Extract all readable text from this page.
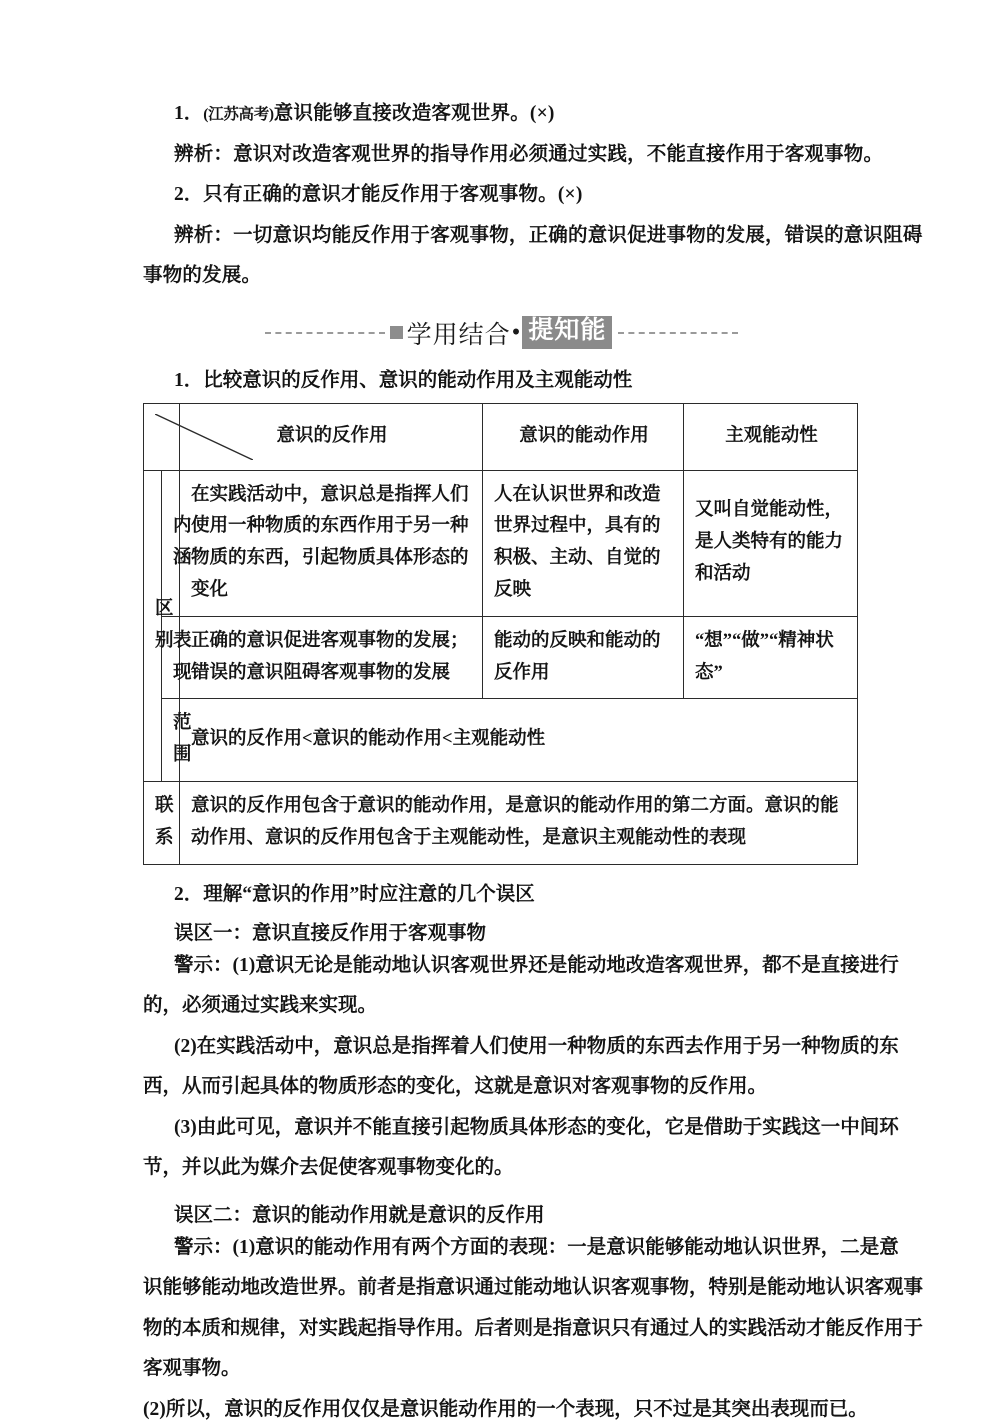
1．(江苏高考)意识能够直接改造客观世界。(×)
辨析：意识对改造客观世界的指导作用必须通过实践，不能直接作用于客观事物。
2．只有正确的意识才能反作用于客观事物。(×)
辨析：一切意识均能反作用于客观事物，正确的意识促进事物的发展，错误的意识阻碍
事物的发展。
学用结合 • 提知能
1．比较意识的反作用、意识的能动作用及主观能动性
	意识的反作用	意识的能动作用	主观能动性

区
别	内涵	在实践活动中，意识总是指挥人们使用一种物质的东西作用于另一种物质的东西，引起物质具体形态的变化	人在认识世界和改造世界过程中，具有的积极、主动、自觉的反映	又叫自觉能动性，是人类特有的能力和活动
	表现	正确的意识促进客观事物的发展；错误的意识阻碍客观事物的发展	能动的反映和能动的反作用	“想”“做”“精神状态”
	范围	意识的反作用<意识的能动作用<主观能动性		
联系		意识的反作用包含于意识的能动作用，是意识的能动作用的第二方面。意识的能动作用、意识的反作用包含于主观能动性，是意识主观能动性的表现		
2．理解“意识的作用”时应注意的几个误区
误区一：意识直接反作用于客观事物

警示：(1)意识无论是能动地认识客观世界还是能动地改造客观世界，都不是直接进行

的，必须通过实践来实现。

(2)在实践活动中，意识总是指挥着人们使用一种物质的东西去作用于另一种物质的东

西，从而引起具体的物质形态的变化，这就是意识对客观事物的反作用。

(3)由此可见，意识并不能直接引起物质具体形态的变化，它是借助于实践这一中间环

节，并以此为媒介去促使客观事物变化的。

误区二：意识的能动作用就是意识的反作用

警示：(1)意识的能动作用有两个方面的表现：一是意识能够能动地认识世界，二是意

识能够能动地改造世界。前者是指意识通过能动地认识客观事物，特别是能动地认识客观事

物的本质和规律，对实践起指导作用。后者则是指意识只有通过人的实践活动才能反作用于

客观事物。

(2)所以，意识的反作用仅仅是意识能动作用的一个表现，只不过是其突出表现而已。
